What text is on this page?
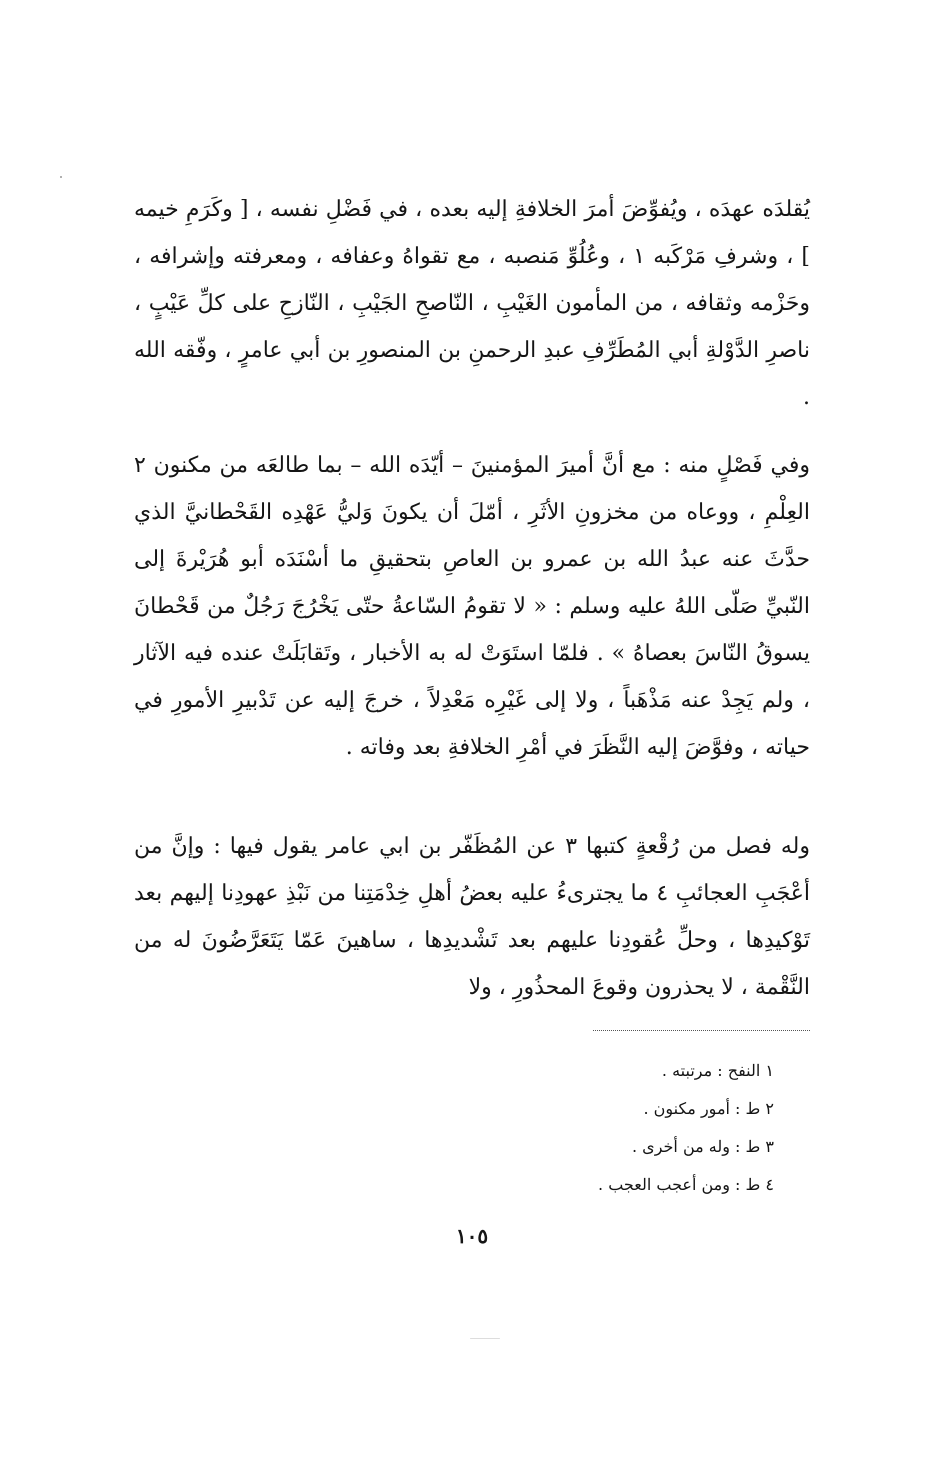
يُقلدَه عهدَه ، ويُفوِّضَ أمرَ الخلافةِ إليه بعده ، في فَضْلِ نفسه ، [ وكَرَمِ خيمه ] ، وشرفِ مَرْكَبه ١ ، وعُلُوِّ مَنصبه ، مع تقواهُ وعفافه ، ومعرفته وإشرافه ، وحَزْمه وثقافه ، من المأمون الغَيْبِ ، النّاصحِ الجَيْبِ ، النّازحِ على كلِّ عَيْبٍ ، ناصرِ الدَّوْلةِ أبي المُطَرِّفِ عبدِ الرحمنِ بن المنصورِ بن أبي عامرٍ ، وفّقه الله .

وفي فَصْلٍ منه : مع أنَّ أميرَ المؤمنينَ – أيّدَه الله – بما طالعَه من مكنون ٢ العِلْمِ ، ووعاه من مخزونِ الأثَرِ ، أمّلَ أن يكونَ وَليُّ عَهْدِه القَحْطانيَّ الذي حدَّثَ عنه عبدُ الله بن عمرو بن العاصِ بتحقيقِ ما أسْنَدَه أبو هُرَيْرةَ إلى النّبيِّ صَلّى اللهُ عليه وسلم : « لا تقومُ السّاعةُ حتّى يَخْرُجَ رَجُلٌ من قَحْطانَ يسوقُ النّاسَ بعصاهُ » . فلمّا استَوَتْ له به الأخبار ، وتَقابَلَتْ عنده فيه الآثار ، ولم يَجِدْ عنه مَذْهَباً ، ولا إلى غَيْرِه مَعْدِلاً ، خرجَ إليه عن تَدْبيرِ الأمورِ في حياته ، وفوَّضَ إليه النَّظَرَ في أمْرِ الخلافةِ بعد وفاته .

وله فصل من رُقْعةٍ كتبها ٣ عن المُظَفّر بن ابي عامر يقول فيها : وإنَّ من أعْجَبِ العجائبِ ٤ ما يجترىءُ عليه بعضُ أهلِ خِدْمَتِنا من نَبْذِ عهودِنا إليهم بعد تَوْكيدِها ، وحلِّ عُقودِنا عليهم بعد تَشْديدِها ، ساهينَ عَمّا يَتَعَرَّضُونَ له من النَّقْمة ، لا يحذرون وقوعَ المحذُورِ ، ولا

١ النفح : مرتبته .
٢ ط : أمور مكنون .
٣ ط : وله من أخرى .
٤ ط : ومن أعجب العجب .
١٠٥
